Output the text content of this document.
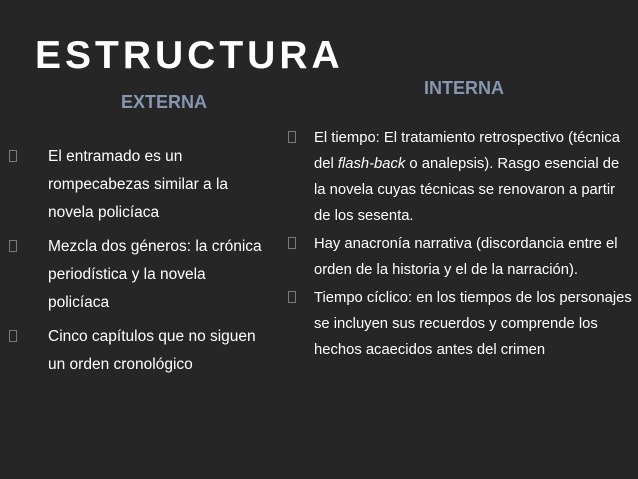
ESTRUCTURA
EXTERNA
INTERNA
El entramado es un rompecabezas similar a la novela policíaca
Mezcla dos géneros: la crónica periodística y la novela policíaca
Cinco capítulos que no siguen un orden cronológico
El tiempo: El tratamiento retrospectivo (técnica del flash-back o analepsis). Rasgo esencial de la novela cuyas técnicas se renovaron a partir de los sesenta.
Hay anacronía narrativa (discordancia entre el orden de la historia y el de la narración).
Tiempo cíclico: en los tiempos de los personajes se incluyen sus recuerdos y comprende los hechos acaecidos antes del crimen
